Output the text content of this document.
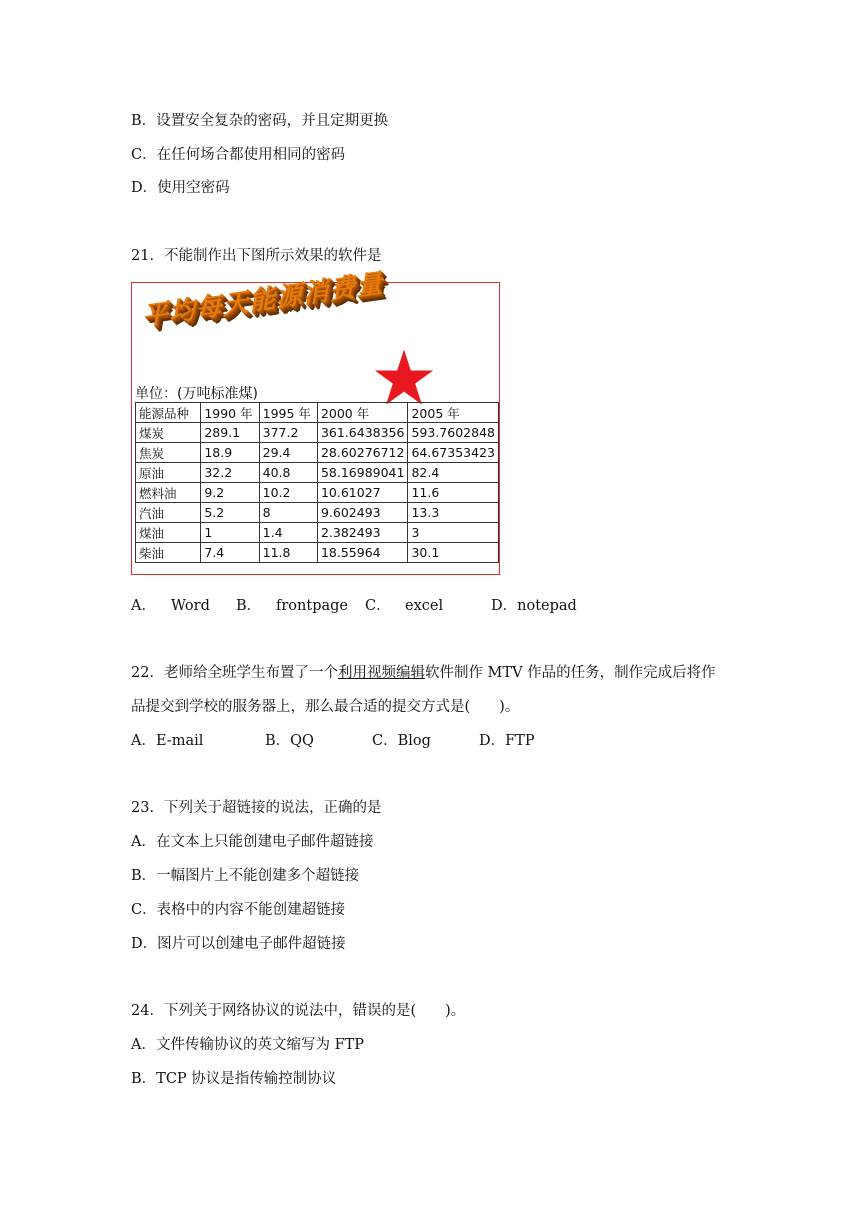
B．设置安全复杂的密码，并且定期更换
C．在任何场合都使用相同的密码
D．使用空密码
21．不能制作出下图所示效果的软件是
平均每天能源消费量
单位：(万吨标准煤)
能源品种	1990 年	1995 年	2000 年	2005 年
煤炭	289.1	377.2	361.6438356	593.7602848
焦炭	18.9	29.4	28.60276712	64.67353423
原油	32.2	40.8	58.16989041	82.4
燃料油	9.2	10.2	10.61027	11.6
汽油	5.2	8	9.602493	13.3
煤油	1	1.4	2.382493	3
柴油	7.4	11.8	18.55964	30.1
A． Word B． frontpage C． excel	D．notepad
22．老师给全班学生布置了一个利用视频编辑软件制作 MTV 作品的任务，制作完成后将作
品提交到学校的服务器上，那么最合适的提交方式是(　　)。
A．E-mail	B．QQ	C．Blog	D．FTP
23．下列关于超链接的说法，正确的是
A．在文本上只能创建电子邮件超链接
B．一幅图片上不能创建多个超链接
C．表格中的内容不能创建超链接
D．图片可以创建电子邮件超链接
24．下列关于网络协议的说法中，错误的是(　　)。
A．文件传输协议的英文缩写为 FTP
B．TCP 协议是指传输控制协议
